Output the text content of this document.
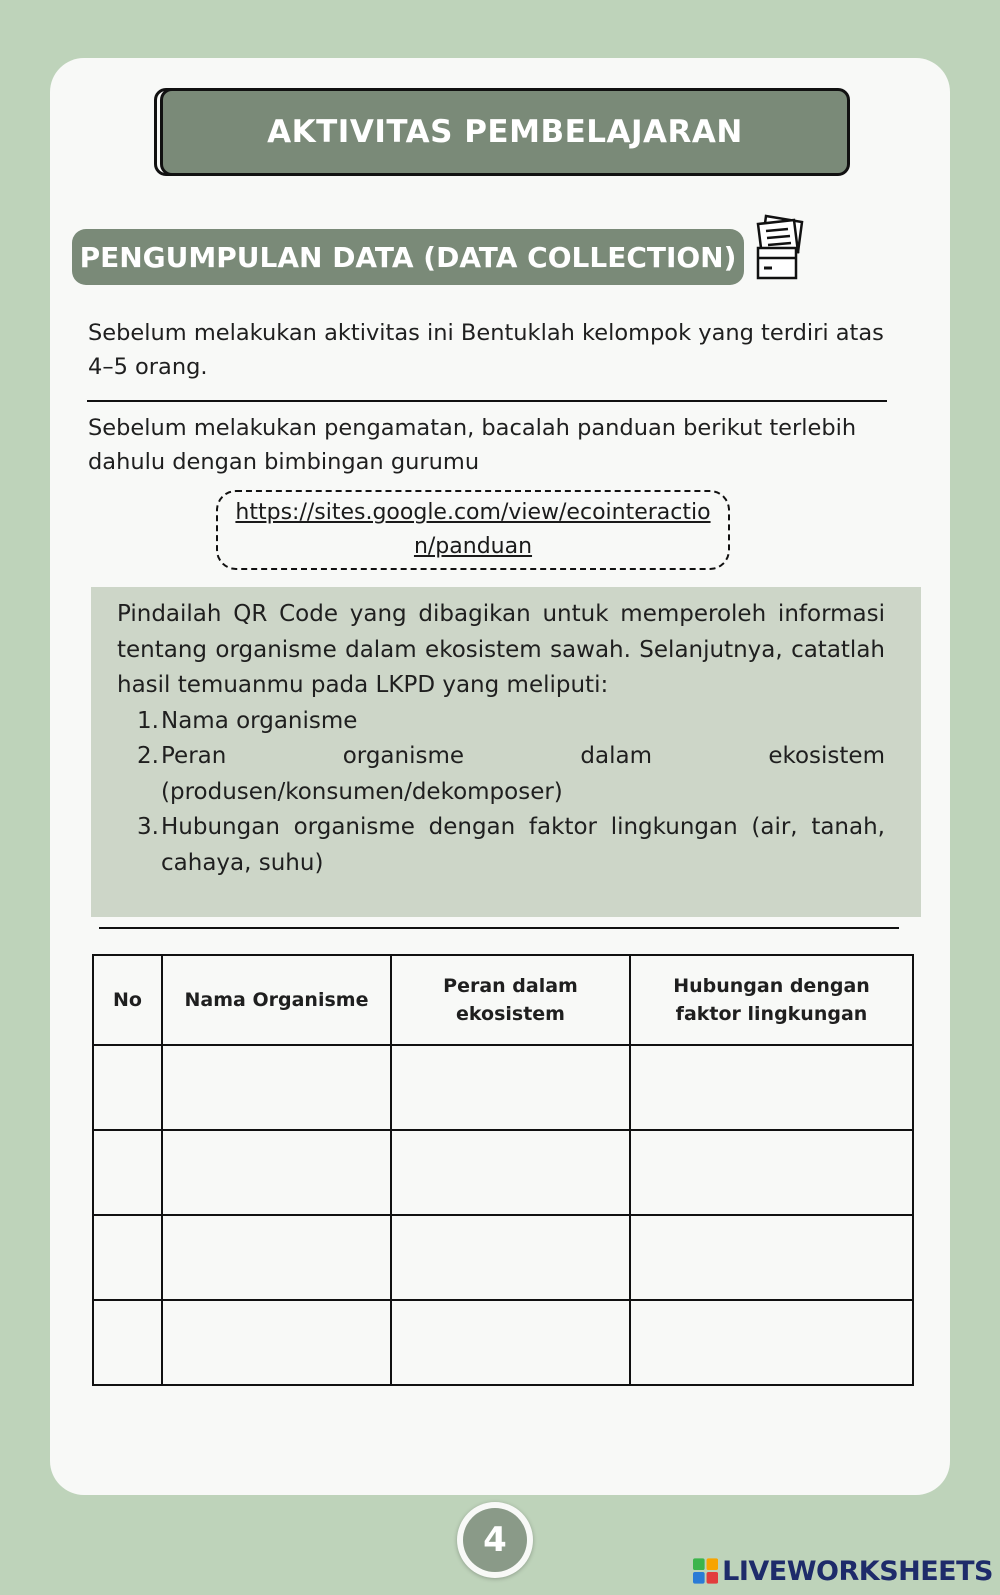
AKTIVITAS PEMBELAJARAN
PENGUMPULAN DATA (DATA COLLECTION)
Sebelum melakukan aktivitas ini Bentuklah kelompok yang terdiri atas 4–5 orang.
Sebelum melakukan pengamatan, bacalah panduan berikut terlebih dahulu dengan bimbingan gurumu
https://sites.google.com/view/ecointeraction/panduan
Pindailah QR Code yang dibagikan untuk memperoleh informasi tentang organisme dalam ekosistem sawah. Selanjutnya, catatlah hasil temuanmu pada LKPD yang meliputi:
1. Nama organisme
2. Peran organisme dalam ekosistem (produsen/konsumen/dekomposer)
3. Hubungan organisme dengan faktor lingkungan (air, tanah, cahaya, suhu)
No	Nama Organisme	Peran dalam ekosistem	Hubungan dengan faktor lingkungan

4
LIVEWORKSHEETS
